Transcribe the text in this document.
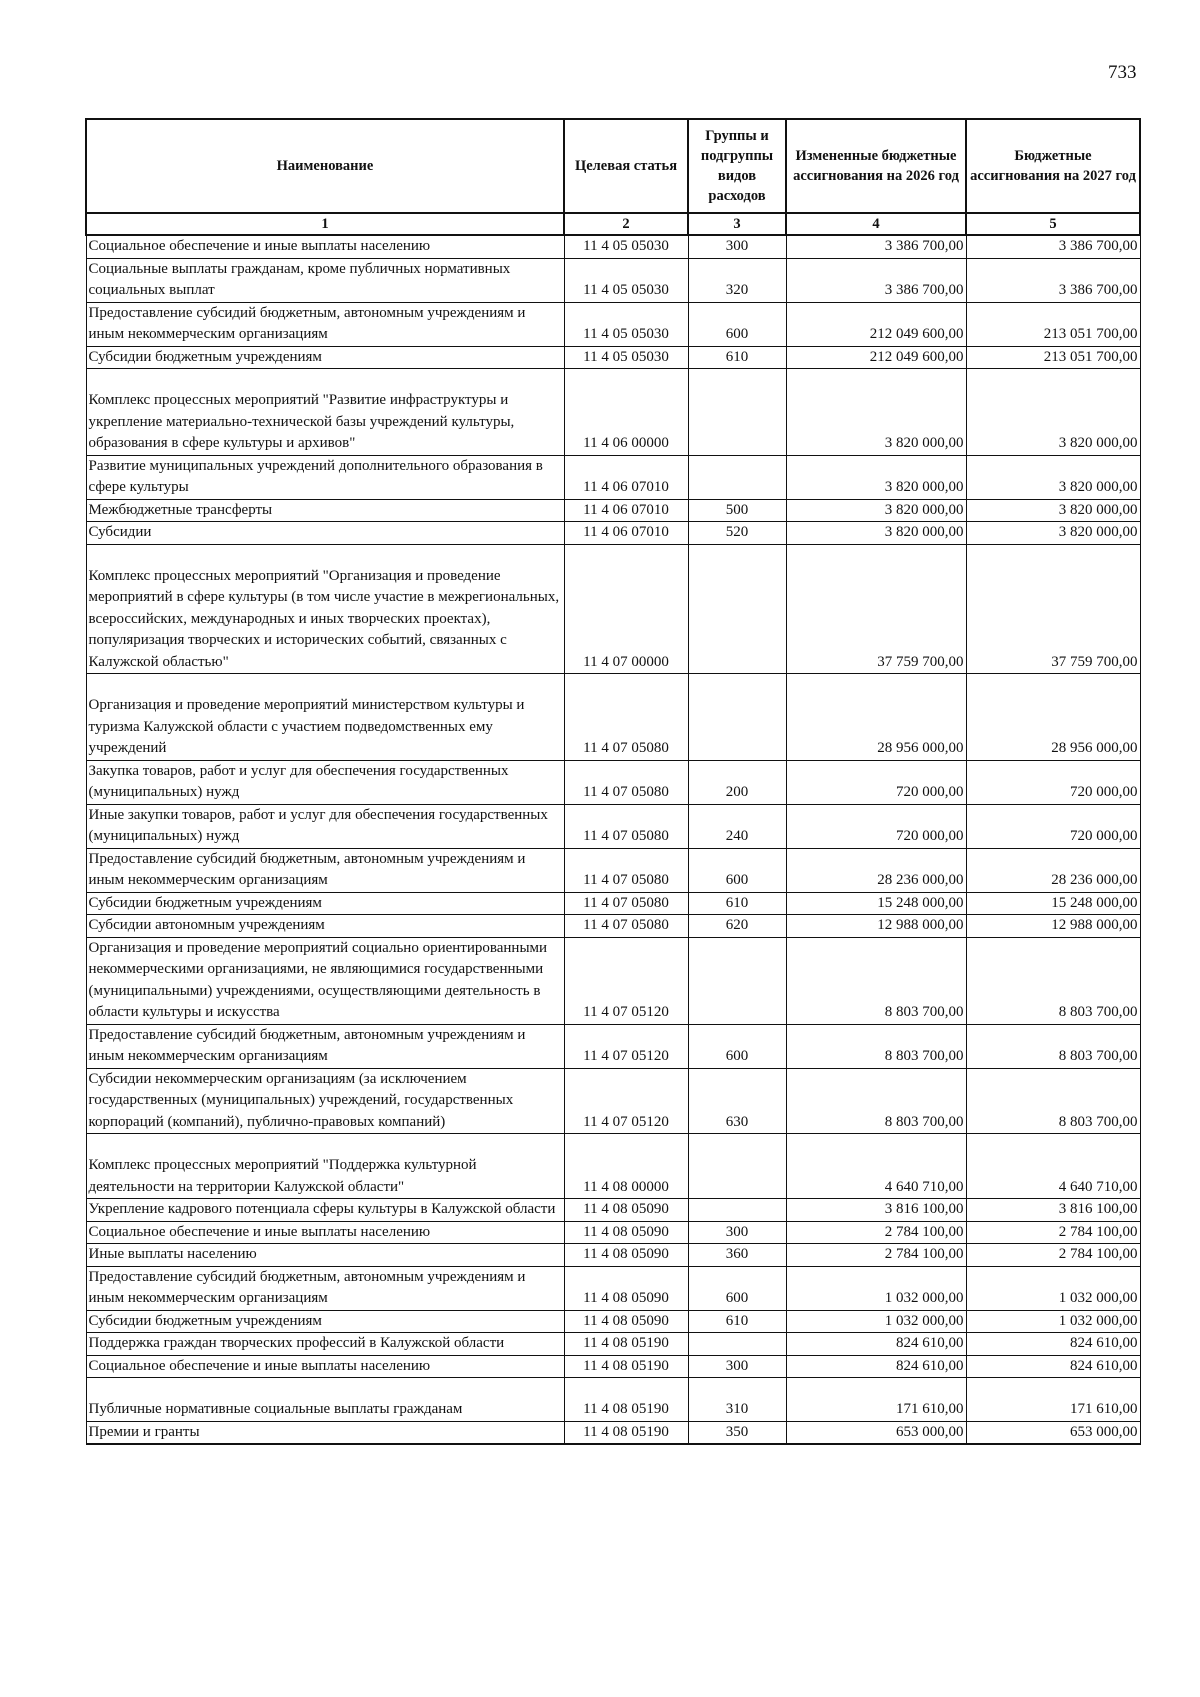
733
Наименование	Целевая статья	Группы и подгруппы видов расходов	Измененные бюджетные ассигнования на 2026 год	Бюджетные ассигнования на 2027 год
1	2	3	4	5
Социальное обеспечение и иные выплаты населению	11 4 05 05030	300	3 386 700,00	3 386 700,00
Социальные выплаты гражданам, кроме публичных нормативных социальных выплат	11 4 05 05030	320	3 386 700,00	3 386 700,00
Предоставление субсидий бюджетным, автономным учреждениям и иным некоммерческим организациям	11 4 05 05030	600	212 049 600,00	213 051 700,00
Субсидии бюджетным учреждениям	11 4 05 05030	610	212 049 600,00	213 051 700,00
Комплекс процессных мероприятий "Развитие инфраструктуры и укрепление материально-технической базы учреждений культуры, образования в сфере культуры и архивов"	11 4 06 00000		3 820 000,00	3 820 000,00
Развитие муниципальных учреждений дополнительного образования в сфере культуры	11 4 06 07010		3 820 000,00	3 820 000,00
Межбюджетные трансферты	11 4 06 07010	500	3 820 000,00	3 820 000,00
Субсидии	11 4 06 07010	520	3 820 000,00	3 820 000,00
Комплекс процессных мероприятий "Организация и проведение мероприятий в сфере культуры (в том числе участие в межрегиональных, всероссийских, международных и иных творческих проектах), популяризация творческих и исторических событий, связанных с Калужской областью"	11 4 07 00000		37 759 700,00	37 759 700,00
Организация и проведение мероприятий министерством культуры и туризма Калужской области с участием подведомственных ему учреждений	11 4 07 05080		28 956 000,00	28 956 000,00
Закупка товаров, работ и услуг для обеспечения государственных (муниципальных) нужд	11 4 07 05080	200	720 000,00	720 000,00
Иные закупки товаров, работ и услуг для обеспечения государственных (муниципальных) нужд	11 4 07 05080	240	720 000,00	720 000,00
Предоставление субсидий бюджетным, автономным учреждениям и иным некоммерческим организациям	11 4 07 05080	600	28 236 000,00	28 236 000,00
Субсидии бюджетным учреждениям	11 4 07 05080	610	15 248 000,00	15 248 000,00
Субсидии автономным учреждениям	11 4 07 05080	620	12 988 000,00	12 988 000,00
Организация и проведение мероприятий социально ориентированными некоммерческими организациями, не являющимися государственными (муниципальными) учреждениями, осуществляющими деятельность в области культуры и искусства	11 4 07 05120		8 803 700,00	8 803 700,00
Предоставление субсидий бюджетным, автономным учреждениям и иным некоммерческим организациям	11 4 07 05120	600	8 803 700,00	8 803 700,00
Субсидии некоммерческим организациям (за исключением государственных (муниципальных) учреждений, государственных корпораций (компаний), публично-правовых компаний)	11 4 07 05120	630	8 803 700,00	8 803 700,00
Комплекс процессных мероприятий "Поддержка культурной деятельности на территории Калужской области"	11 4 08 00000		4 640 710,00	4 640 710,00
Укрепление кадрового потенциала сферы культуры в Калужской области	11 4 08 05090		3 816 100,00	3 816 100,00
Социальное обеспечение и иные выплаты населению	11 4 08 05090	300	2 784 100,00	2 784 100,00
Иные выплаты населению	11 4 08 05090	360	2 784 100,00	2 784 100,00
Предоставление субсидий бюджетным, автономным учреждениям и иным некоммерческим организациям	11 4 08 05090	600	1 032 000,00	1 032 000,00
Субсидии бюджетным учреждениям	11 4 08 05090	610	1 032 000,00	1 032 000,00
Поддержка граждан творческих профессий в Калужской области	11 4 08 05190		824 610,00	824 610,00
Социальное обеспечение и иные выплаты населению	11 4 08 05190	300	824 610,00	824 610,00
Публичные нормативные социальные выплаты гражданам	11 4 08 05190	310	171 610,00	171 610,00
Премии и гранты	11 4 08 05190	350	653 000,00	653 000,00
